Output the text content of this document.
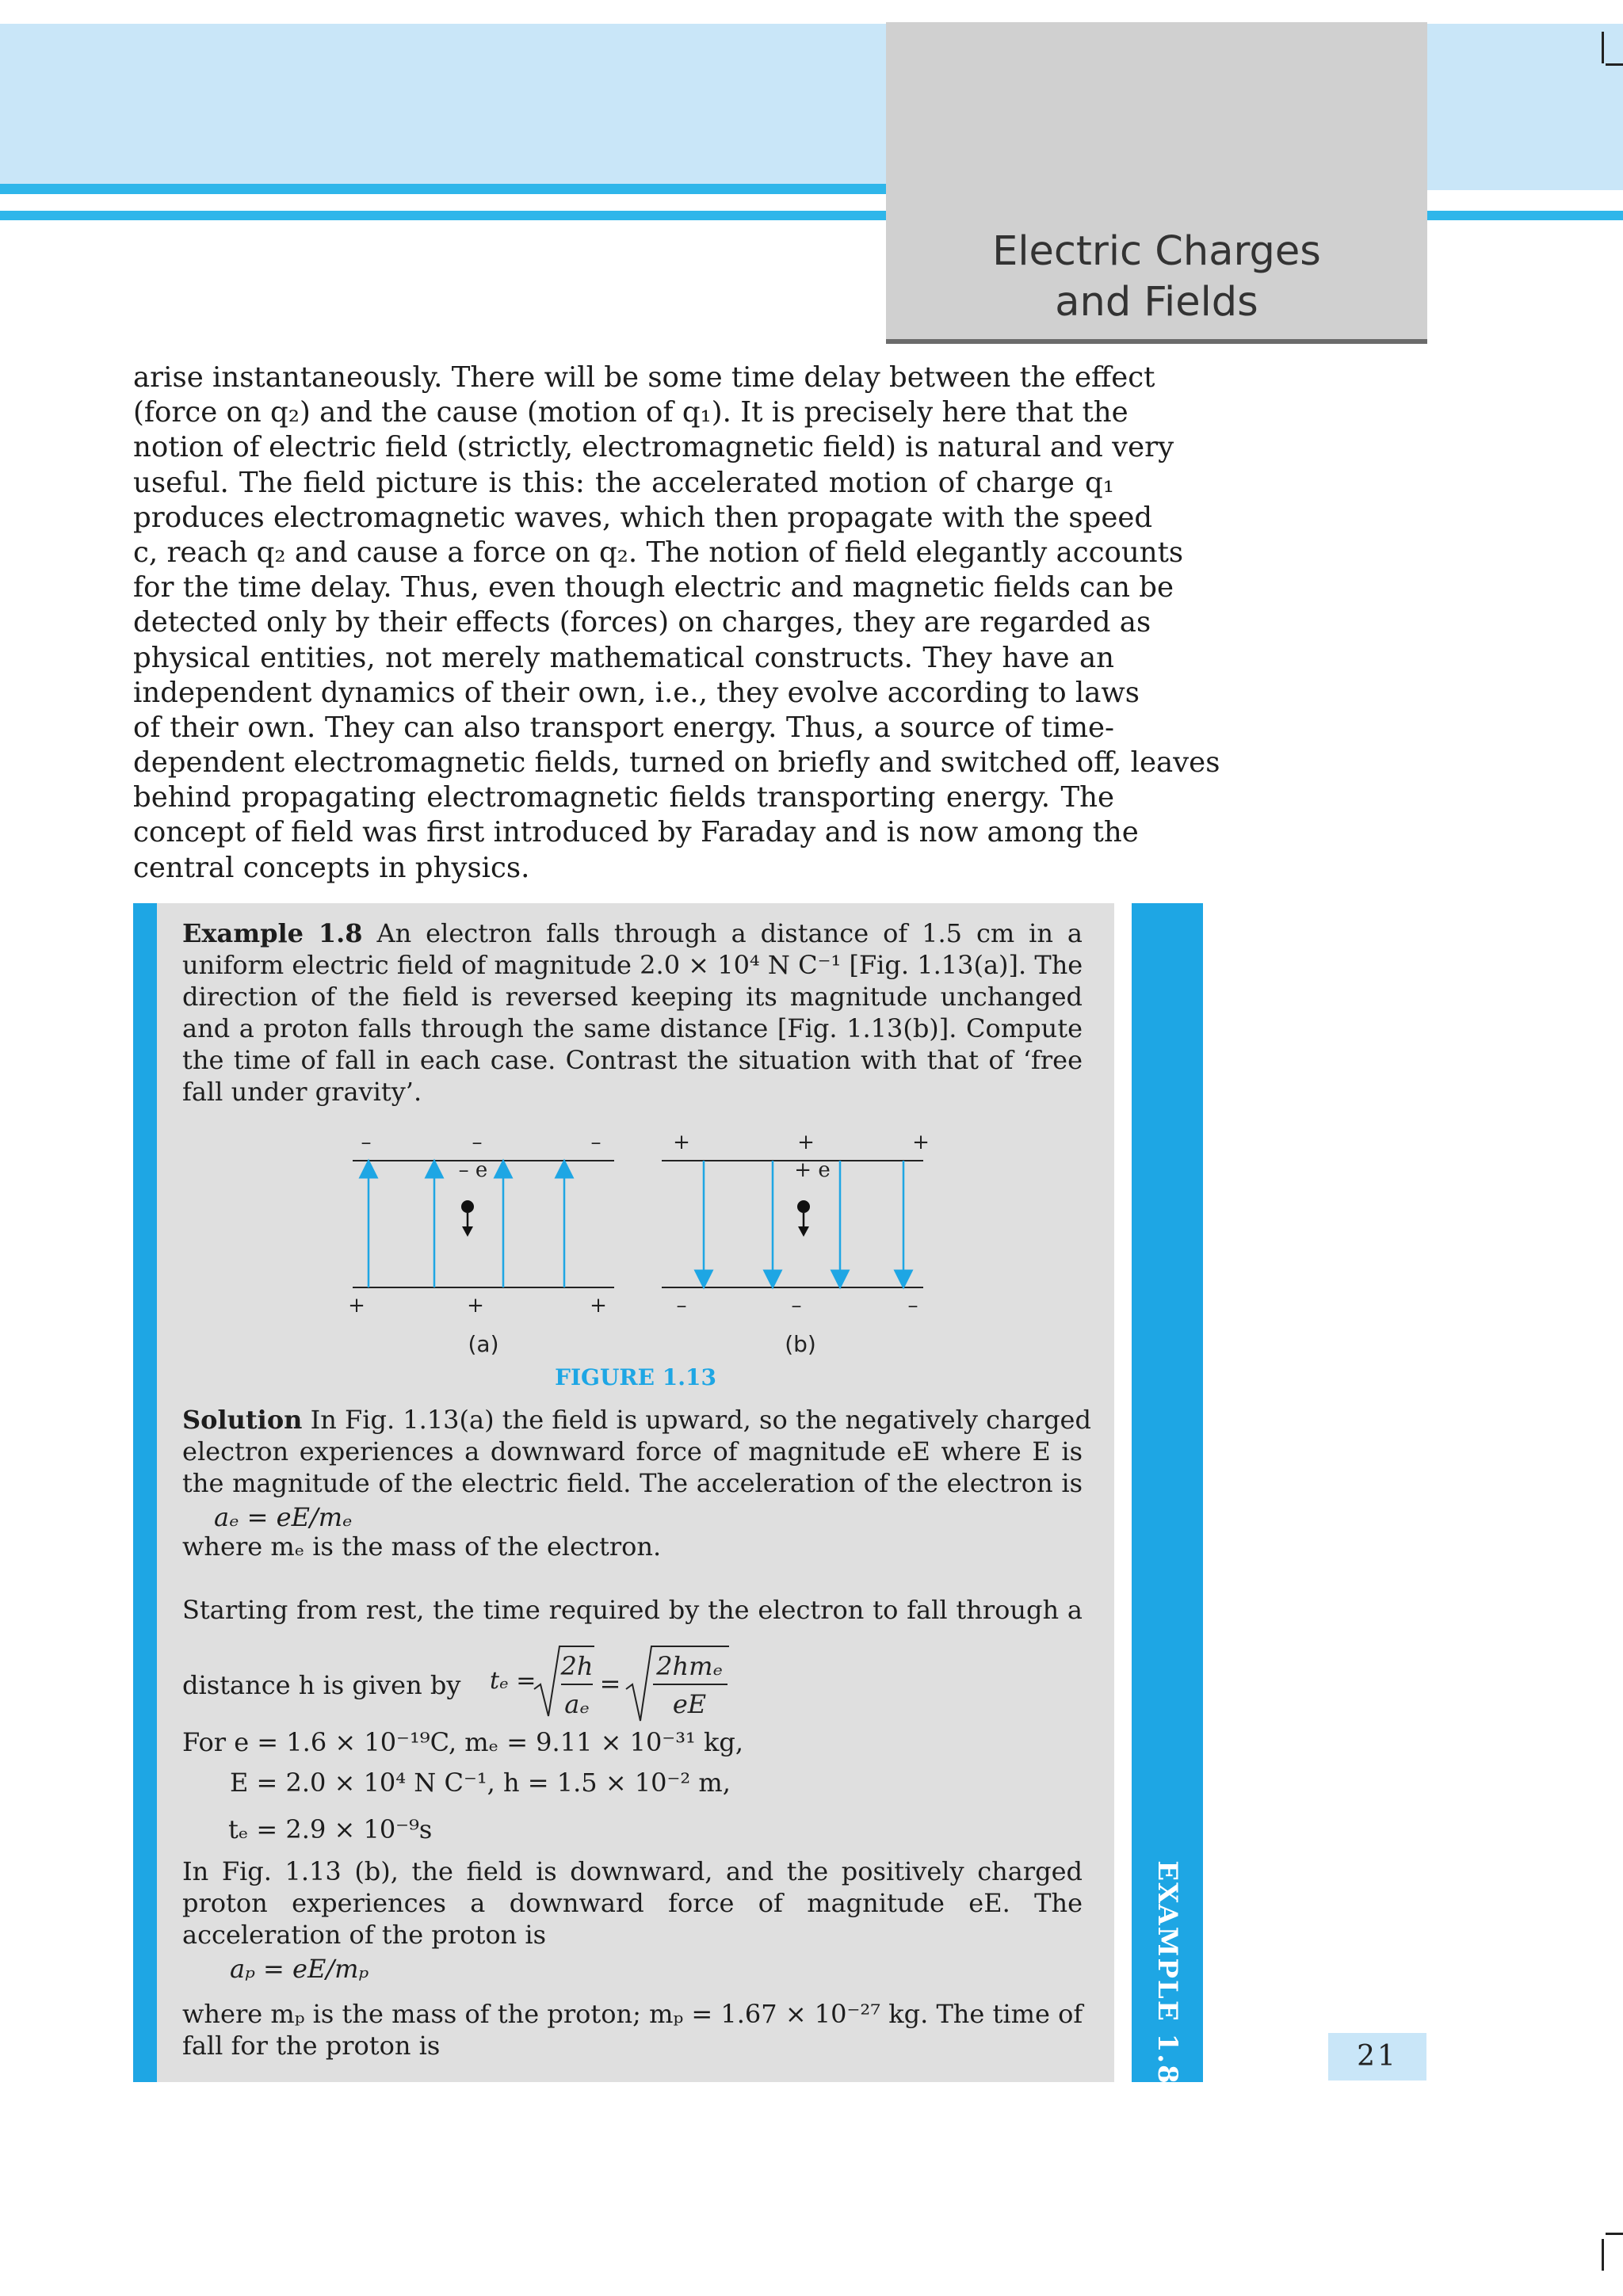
Electric Charges
and Fields
arise instantaneously. There will be some time delay between the effect
(force on q₂) and the cause (motion of q₁). It is precisely here that the
notion of electric field (strictly, electromagnetic field) is natural and very
useful. The field picture is this: the accelerated motion of charge q₁
produces electromagnetic waves, which then propagate with the speed
c, reach q₂ and cause a force on q₂. The notion of field elegantly accounts
for the time delay. Thus, even though electric and magnetic fields can be
detected only by their effects (forces) on charges, they are regarded as
physical entities, not merely mathematical constructs. They have an
independent dynamics of their own, i.e., they evolve according to laws
of their own. They can also transport energy. Thus, a source of time-
dependent electromagnetic fields, turned on briefly and switched off, leaves
behind propagating electromagnetic fields transporting energy. The
concept of field was first introduced by Faraday and is now among the
central concepts in physics.
EXAMPLE 1.8
Example 1.8 An electron falls through a distance of 1.5 cm in a
uniform electric field of magnitude 2.0 × 10⁴ N C⁻¹ [Fig. 1.13(a)]. The
direction of the field is reversed keeping its magnitude unchanged
and a proton falls through the same distance [Fig. 1.13(b)]. Compute
the time of fall in each case. Contrast the situation with that of ‘free
fall under gravity’.
–	–	–
+	+	+
– e
+	+	+
–	–	–
+ e
(a)	(b)
FIGURE 1.13
Solution In Fig. 1.13(a) the field is upward, so the negatively charged
electron experiences a downward force of magnitude eE where E is
the magnitude of the electric field. The acceleration of the electron is
aₑ = eE/mₑ
where mₑ is the mass of the electron.
Starting from rest, the time required by the electron to fall through a
distance h is given by tₑ = 2h
aₑ
=
2hmₑ
eE
For e = 1.6 × 10⁻¹⁹C, mₑ = 9.11 × 10⁻³¹ kg,
E = 2.0 × 10⁴ N C⁻¹, h = 1.5 × 10⁻² m,
tₑ = 2.9 × 10⁻⁹s
In Fig. 1.13 (b), the field is downward, and the positively charged
proton experiences a downward force of magnitude eE. The
acceleration of the proton is
aₚ = eE/mₚ
where mₚ is the mass of the proton; mₚ = 1.67 × 10⁻²⁷ kg. The time of
fall for the proton is	21
